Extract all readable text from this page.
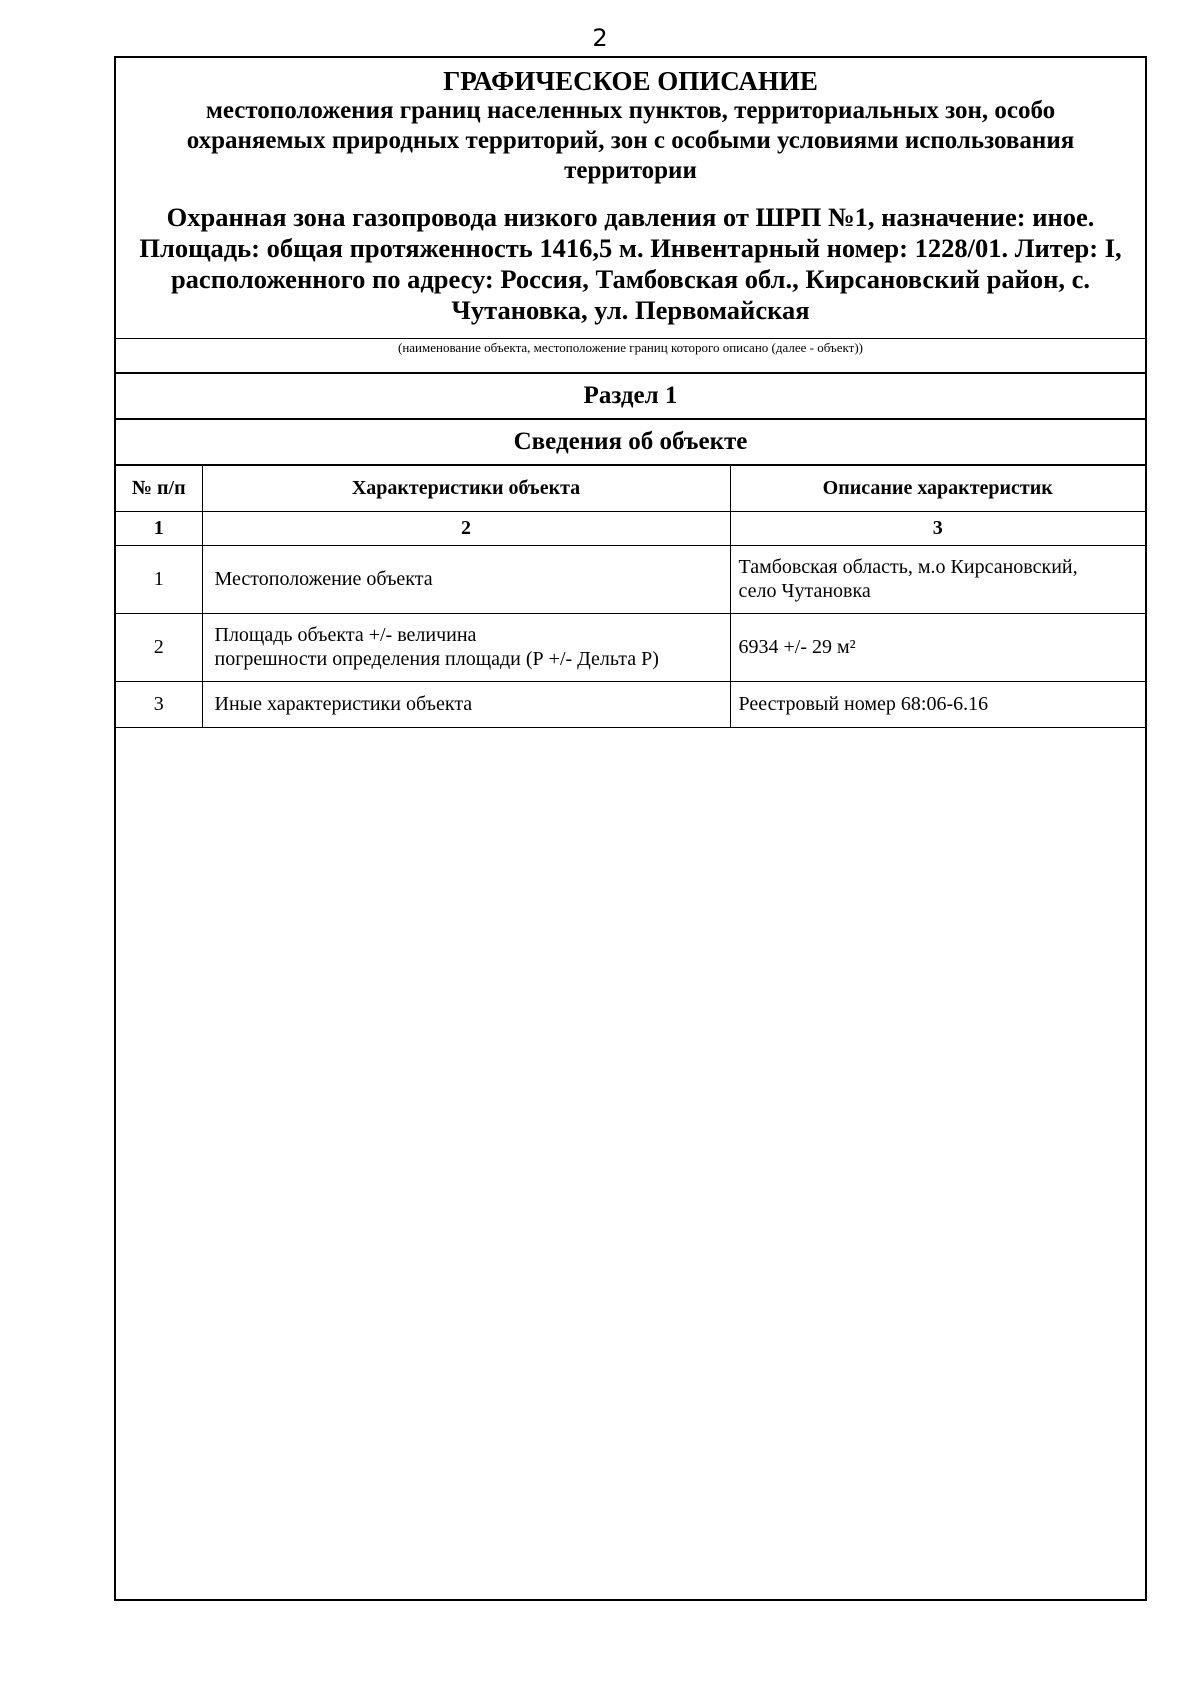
2
ГРАФИЧЕСКОЕ ОПИСАНИЕ
местоположения границ населенных пунктов, территориальных зон, особо охраняемых природных территорий, зон с особыми условиями использования территории
Охранная зона газопровода низкого давления от ШРП №1, назначение: иное. Площадь: общая протяженность 1416,5 м. Инвентарный номер: 1228/01. Литер: I, расположенного по адресу: Россия, Тамбовская обл., Кирсановский район, с. Чутановка, ул. Первомайская
(наименование объекта, местоположение границ которого описано (далее - объект))
Раздел 1
Сведения об объекте
№ п/п	Характеристики объекта	Описание характеристик
1	2	3
1	Местоположение объекта	Тамбовская область, м.о Кирсановский,
село Чутановка

2	Площадь объекта +/- величина
погрешности определения площади (Р +/- Дельта Р)	6934 +/- 29 м²
3	Иные характеристики объекта	Реестровый номер 68:06-6.16
